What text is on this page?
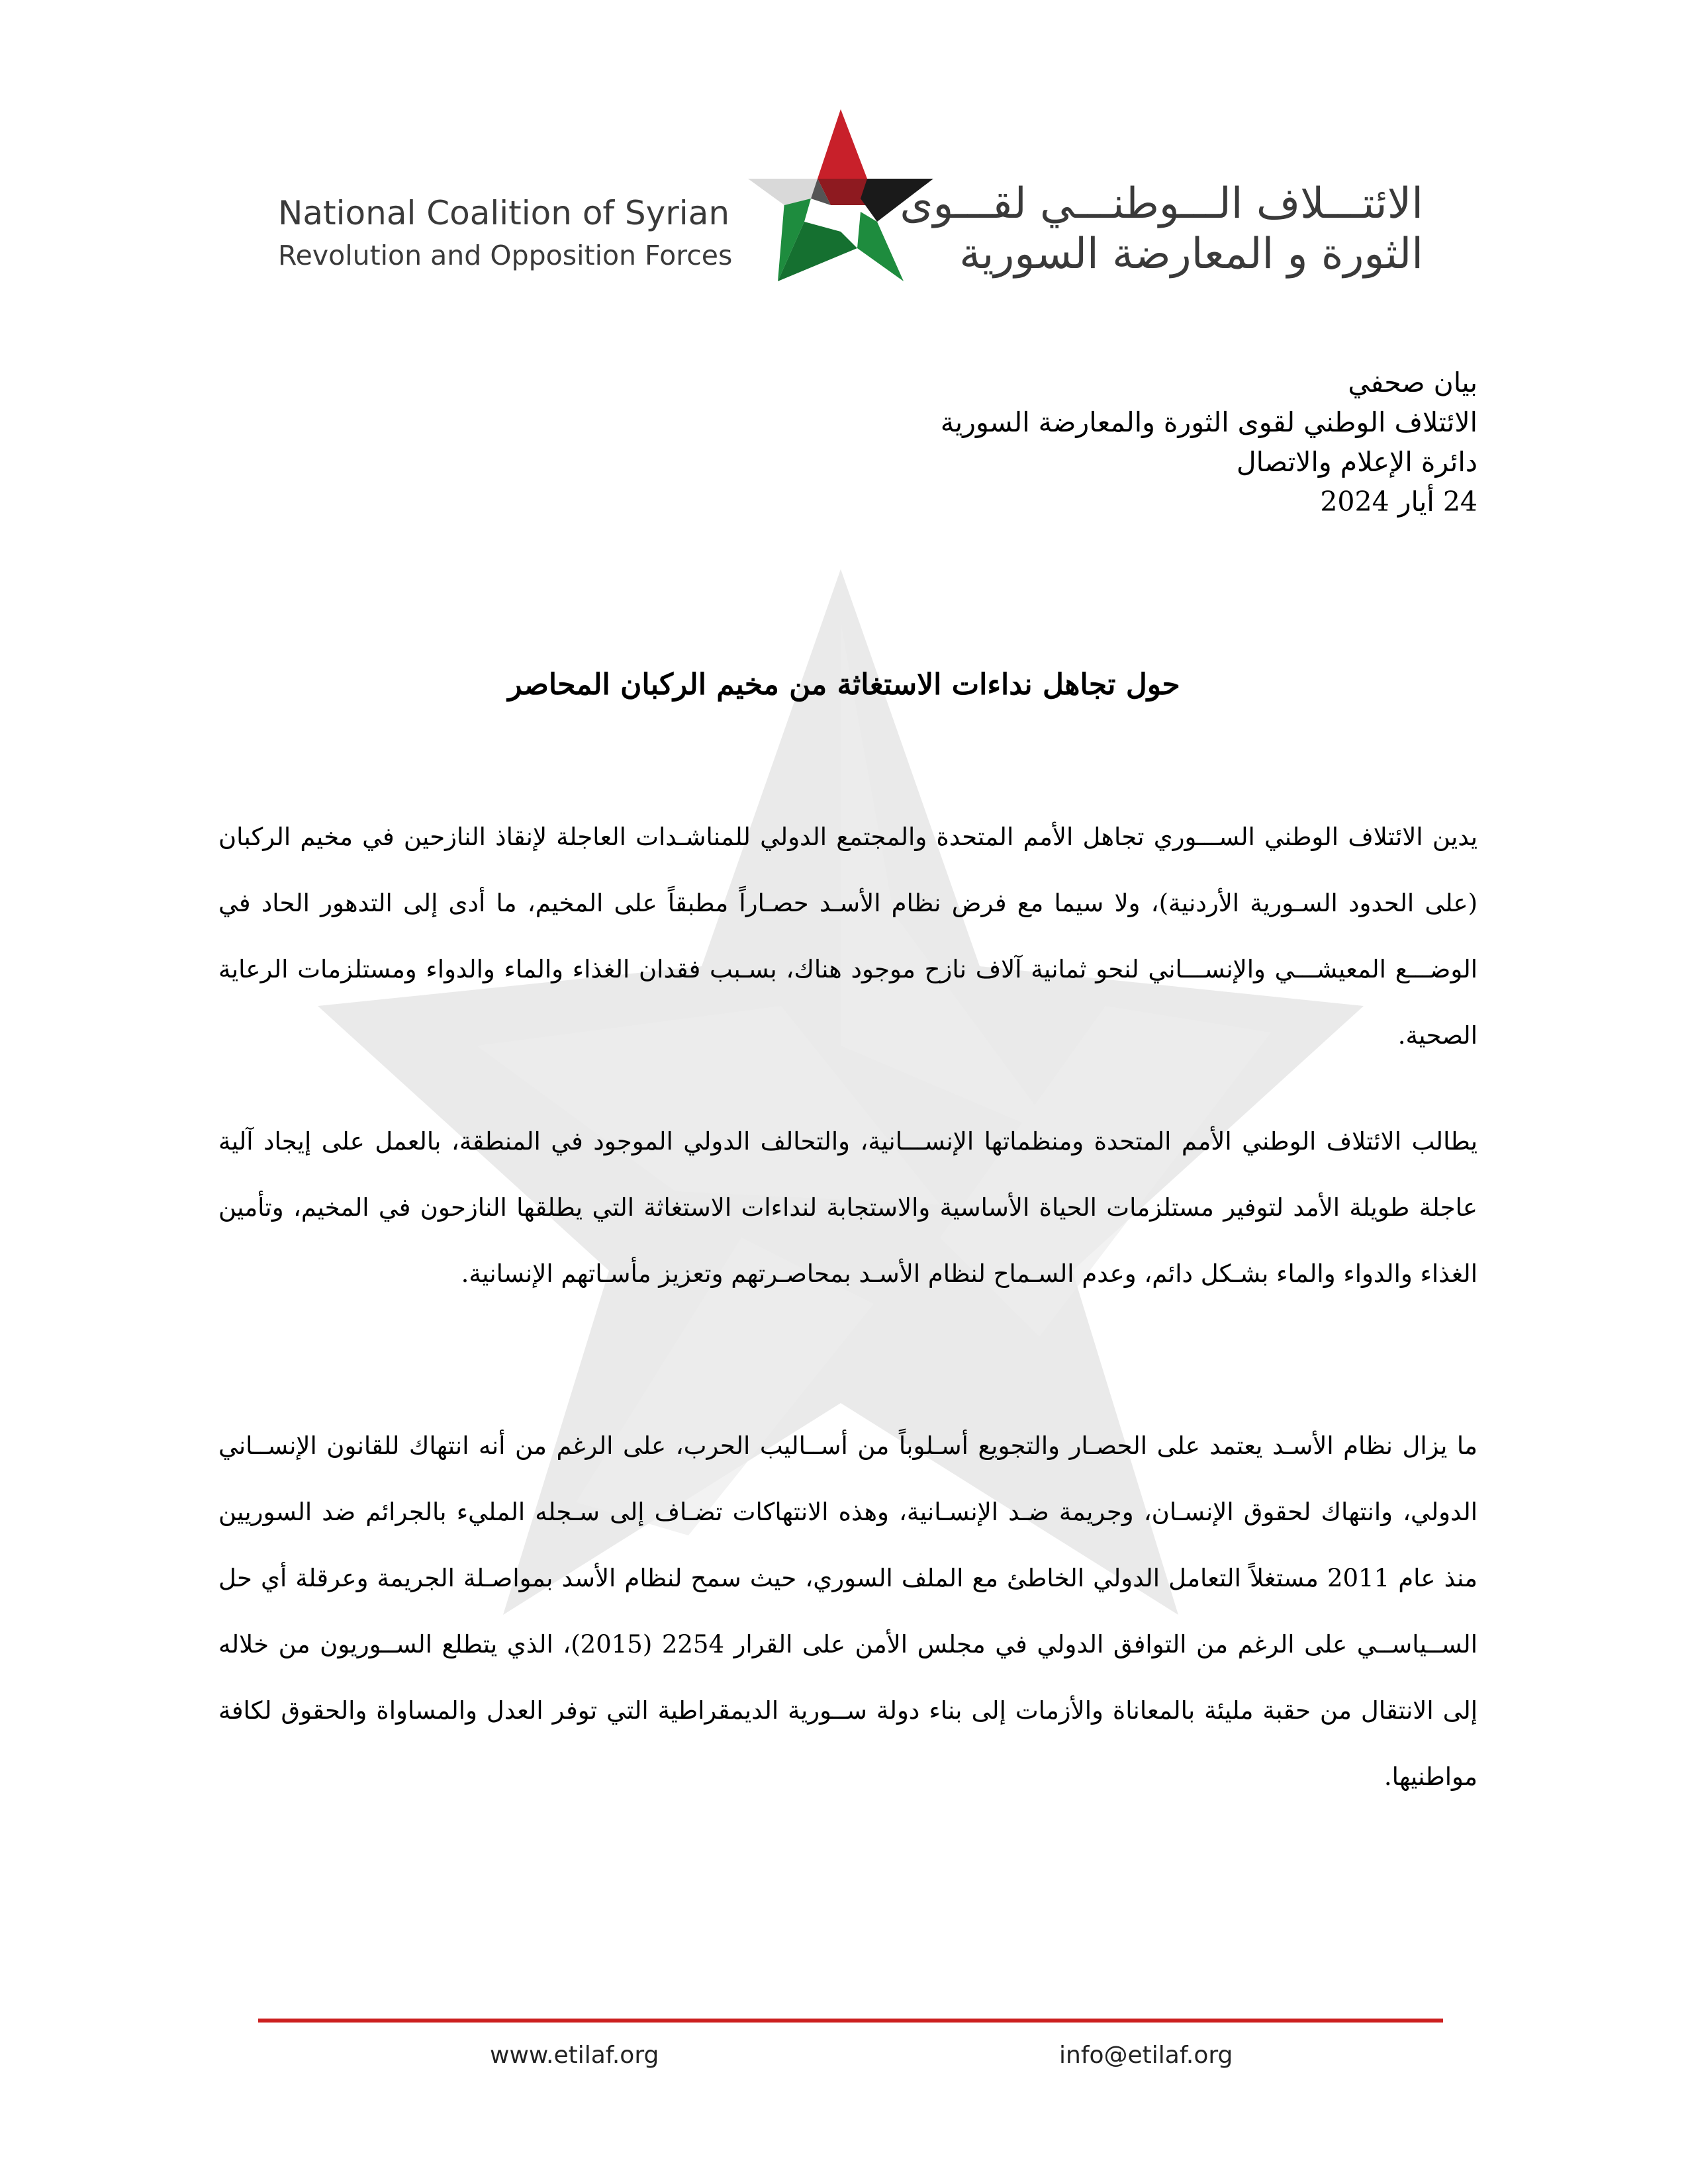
National Coalition of Syrian
Revolution and Opposition Forces
الائتـــلاف الـــوطنـــي لقـــوى
الثورة و المعارضة السورية
بيان صحفي
الائتلاف الوطني لقوى الثورة والمعارضة السورية
دائرة الإعلام والاتصال
24 أيار 2024
حول تجاهل نداءات الاستغاثة من مخيم الركبان المحاصر

يدين الائتلاف الوطني الســـوري تجاهل الأمم المتحدة والمجتمع الدولي للمناشـدات العاجلة لإنقاذ النازحين في مخيم الركبان (على الحدود السـورية الأردنية)، ولا سيما مع فرض نظام الأسـد حصـاراً مطبقاً على المخيم، ما أدى إلى التدهور الحاد في الوضـــع المعيشـــي والإنســـاني لنحو ثمانية آلاف نازح موجود هناك، بسـبب فقدان الغذاء والماء والدواء ومستلزمات الرعاية الصحية.

يطالب الائتلاف الوطني الأمم المتحدة ومنظماتها الإنســـانية، والتحالف الدولي الموجود في المنطقة، بالعمل على إيجاد آلية عاجلة طويلة الأمد لتوفير مستلزمات الحياة الأساسية والاستجابة لنداءات الاستغاثة التي يطلقها النازحون في المخيم، وتأمين الغذاء والدواء والماء بشـكل دائم، وعدم السـماح لنظام الأسـد بمحاصـرتهم وتعزيز مأسـاتهم الإنسانية.

ما يزال نظام الأسـد يعتمد على الحصـار والتجويع أسـلوباً من أســاليب الحرب، على الرغم من أنه انتهاك للقانون الإنســاني الدولي، وانتهاك لحقوق الإنسـان، وجريمة ضـد الإنسـانية، وهذه الانتهاكات تضـاف إلى سـجله المليء بالجرائم ضد السوريين منذ عام 2011 مستغلاً التعامل الدولي الخاطئ مع الملف السوري، حيث سمح لنظام الأسد بمواصـلة الجريمة وعرقلة أي حل الســياســي على الرغم من التوافق الدولي في مجلس الأمن على القرار 2254 (2015)، الذي يتطلع الســوريون من خلاله إلى الانتقال من حقبة مليئة بالمعاناة والأزمات إلى بناء دولة ســورية الديمقراطية التي توفر العدل والمساواة والحقوق لكافة مواطنيها.

www.etilaf.org	info@etilaf.org
